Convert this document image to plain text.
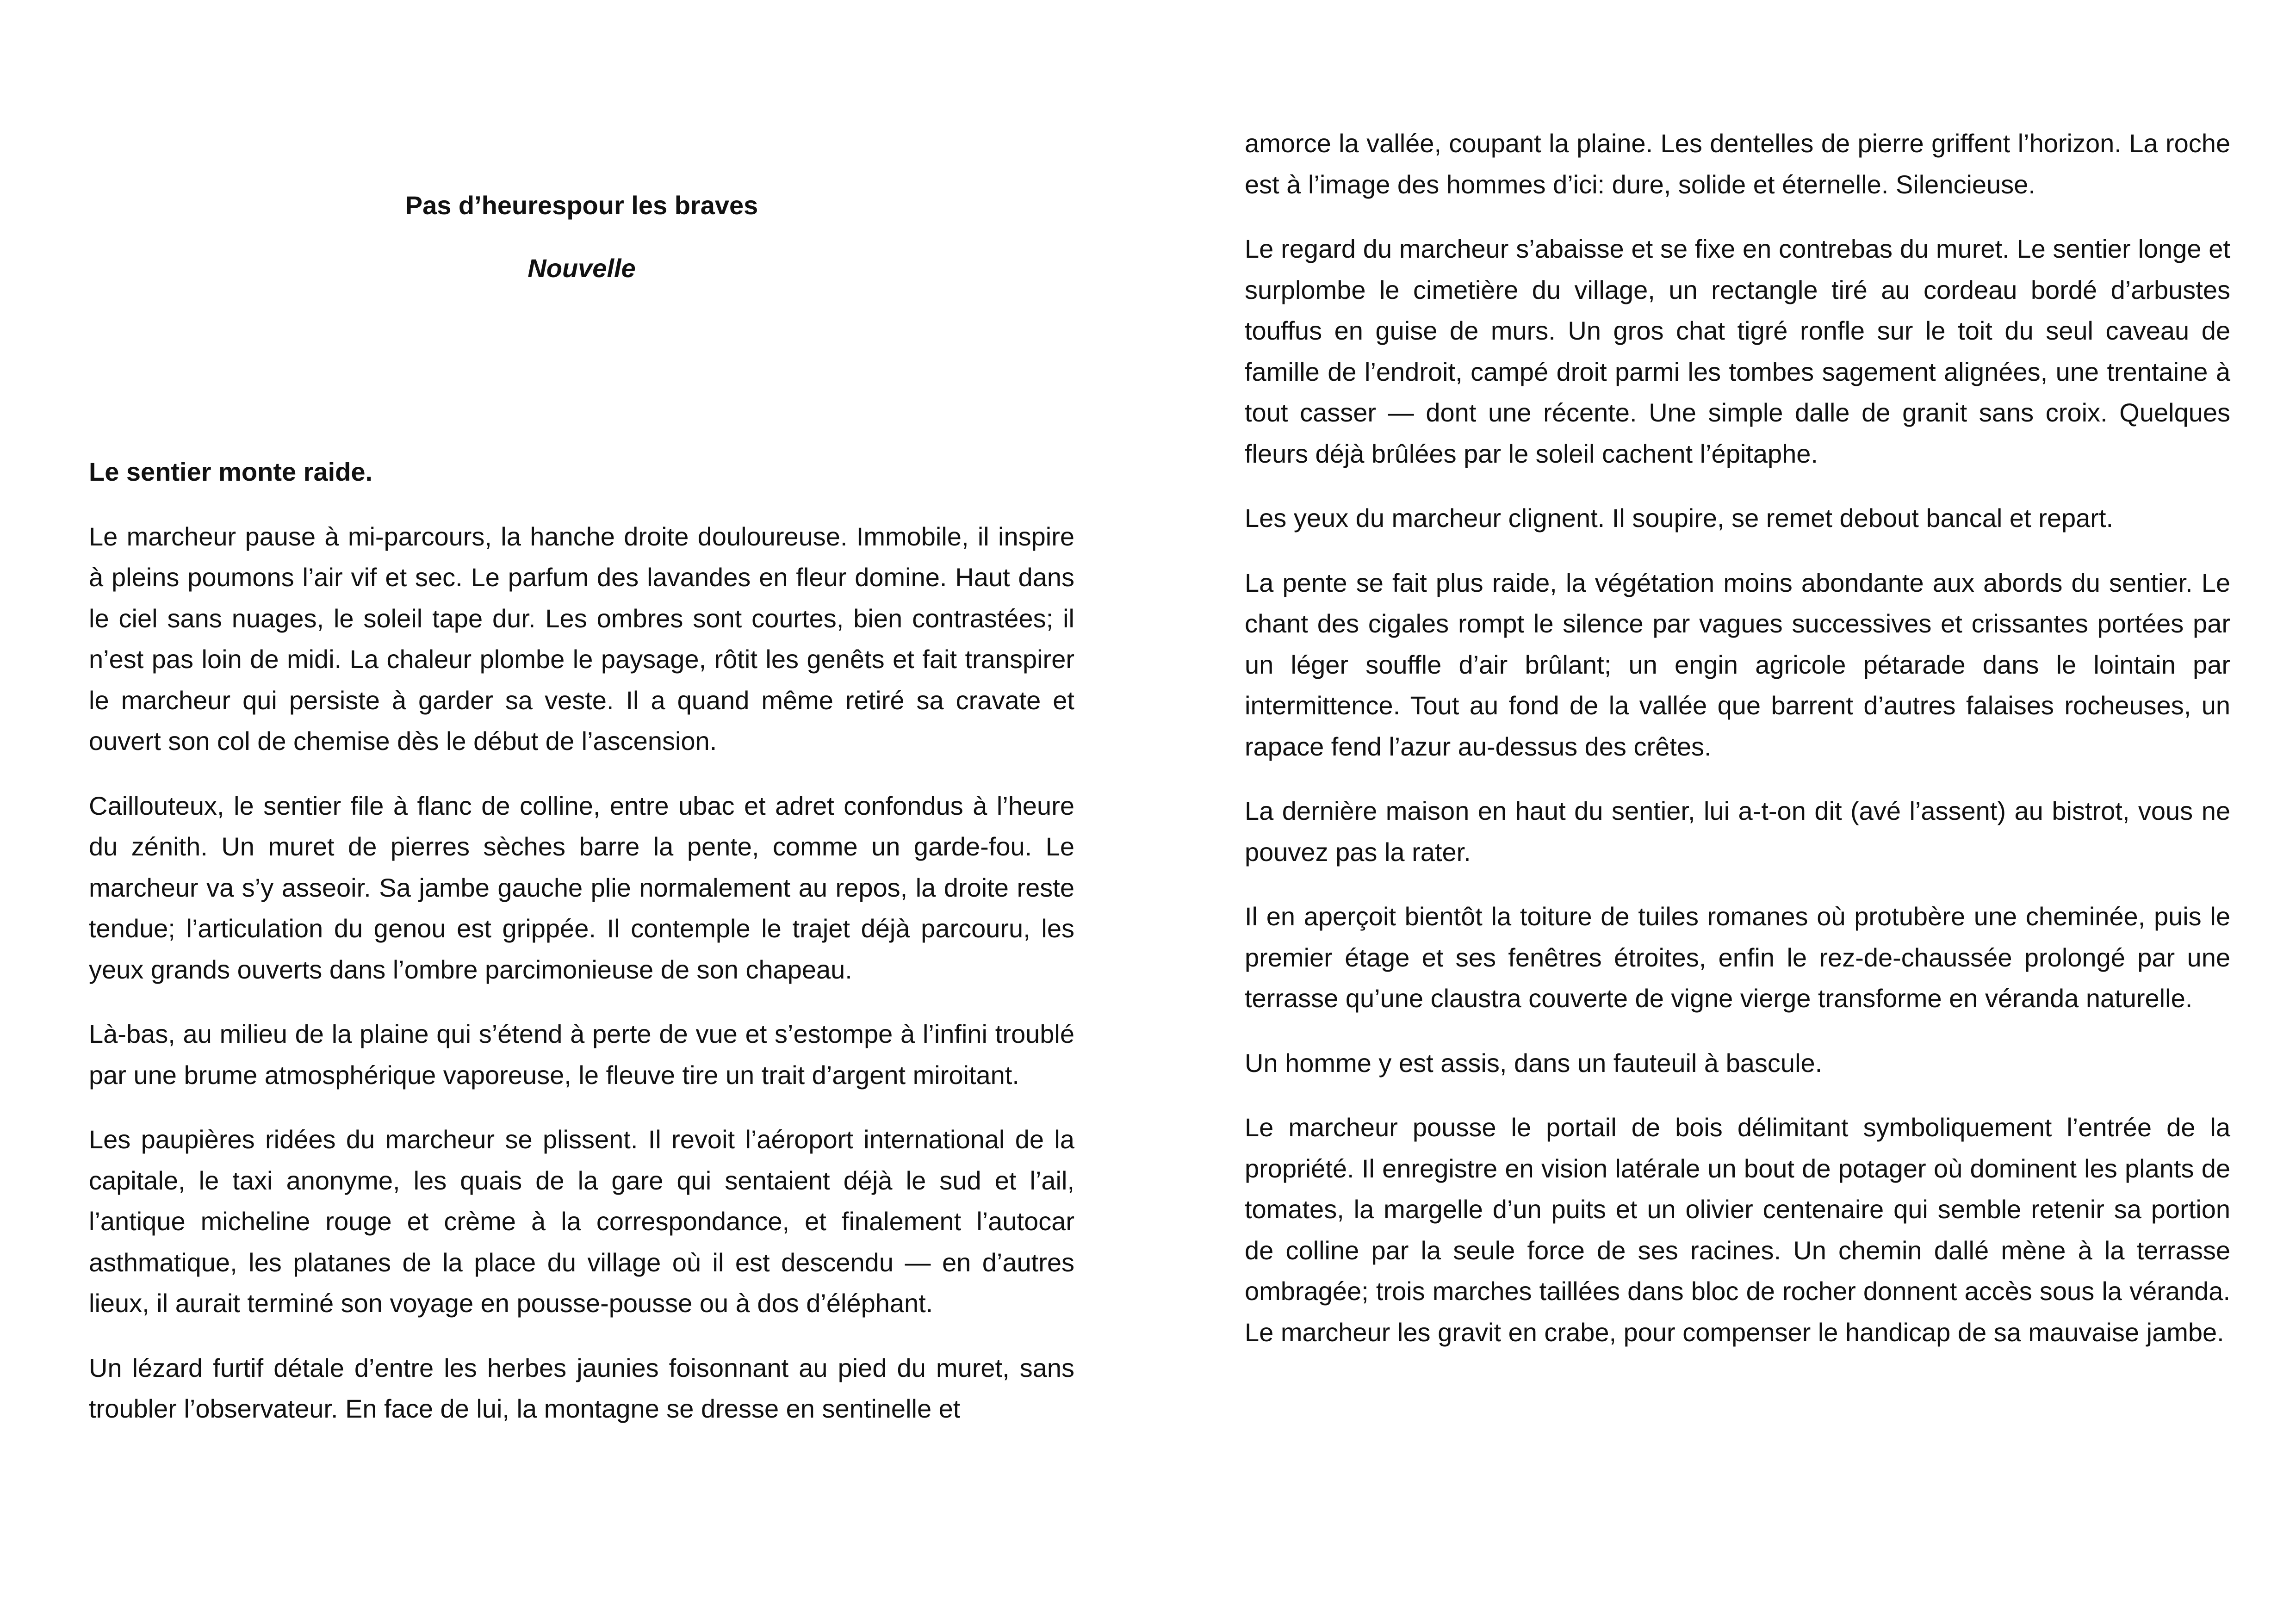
Pas d’heurespour les braves
Nouvelle

Le sentier monte raide.

Le marcheur pause à mi-parcours, la hanche droite douloureuse. Immobile, il inspire à pleins poumons l’air vif et sec. Le parfum des lavandes en fleur domine. Haut dans le ciel sans nuages, le soleil tape dur. Les ombres sont courtes, bien contrastées; il n’est pas loin de midi. La chaleur plombe le paysage, rôtit les genêts et fait transpirer le marcheur qui persiste à garder sa veste. Il a quand même retiré sa cravate et ouvert son col de chemise dès le début de l’ascension.

Caillouteux, le sentier file à flanc de colline, entre ubac et adret confondus à l’heure du zénith. Un muret de pierres sèches barre la pente, comme un garde-fou. Le marcheur va s’y asseoir. Sa jambe gauche plie normalement au repos, la droite reste tendue; l’articulation du genou est grippée. Il contemple le trajet déjà parcouru, les yeux grands ouverts dans l’ombre parcimonieuse de son chapeau.

Là-bas, au milieu de la plaine qui s’étend à perte de vue et s’estompe à l’infini troublé par une brume atmosphérique vaporeuse, le fleuve tire un trait d’argent miroitant.

Les paupières ridées du marcheur se plissent. Il revoit l’aéroport international de la capitale, le taxi anonyme, les quais de la gare qui sentaient déjà le sud et l’ail, l’antique micheline rouge et crème à la correspondance, et finalement l’autocar asthmatique, les platanes de la place du village où il est descendu — en d’autres lieux, il aurait terminé son voyage en pousse-pousse ou à dos d’éléphant.

Un lézard furtif détale d’entre les herbes jaunies foisonnant au pied du muret, sans troubler l’observateur. En face de lui, la montagne se dresse en sentinelle et

amorce la vallée, coupant la plaine. Les dentelles de pierre griffent l’horizon. La roche est à l’image des hommes d’ici: dure, solide et éternelle. Silencieuse.

Le regard du marcheur s’abaisse et se fixe en contrebas du muret. Le sentier longe et surplombe le cimetière du village, un rectangle tiré au cordeau bordé d’arbustes touffus en guise de murs. Un gros chat tigré ronfle sur le toit du seul caveau de famille de l’endroit, campé droit parmi les tombes sagement alignées, une trentaine à tout casser — dont une récente. Une simple dalle de granit sans croix. Quelques fleurs déjà brûlées par le soleil cachent l’épitaphe.

Les yeux du marcheur clignent. Il soupire, se remet debout bancal et repart.

La pente se fait plus raide, la végétation moins abondante aux abords du sentier. Le chant des cigales rompt le silence par vagues successives et crissantes portées par un léger souffle d’air brûlant; un engin agricole pétarade dans le lointain par intermittence. Tout au fond de la vallée que barrent d’autres falaises rocheuses, un rapace fend l’azur au-dessus des crêtes.

La dernière maison en haut du sentier, lui a-t-on dit (avé l’assent) au bistrot, vous ne pouvez pas la rater.

Il en aperçoit bientôt la toiture de tuiles romanes où protubère une cheminée, puis le premier étage et ses fenêtres étroites, enfin le rez-de-chaussée prolongé par une terrasse qu’une claustra couverte de vigne vierge transforme en véranda naturelle.

Un homme y est assis, dans un fauteuil à bascule.

Le marcheur pousse le portail de bois délimitant symboliquement l’entrée de la propriété. Il enregistre en vision latérale un bout de potager où dominent les plants de tomates, la margelle d’un puits et un olivier centenaire qui semble retenir sa portion de colline par la seule force de ses racines. Un chemin dallé mène à la terrasse ombragée; trois marches taillées dans bloc de rocher donnent accès sous la véranda. Le marcheur les gravit en crabe, pour compenser le handicap de sa mauvaise jambe.
